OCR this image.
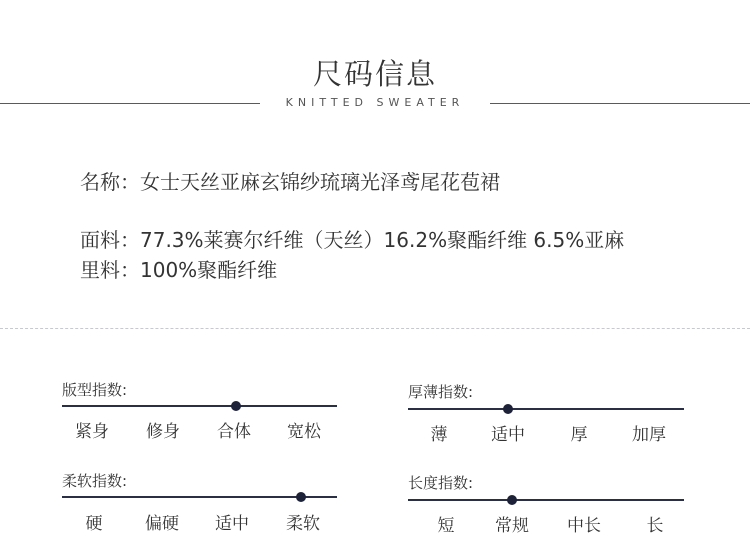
尺码信息
KNITTED SWEATER
名称：女士天丝亚麻玄锦纱琉璃光泽鸢尾花苞裙
面料：77.3%莱赛尔纤维（天丝）16.2%聚酯纤维 6.5%亚麻
里料：100%聚酯纤维
版型指数:
紧身	修身	合体	宽松
厚薄指数:
薄	适中	厚	加厚
柔软指数:
硬	偏硬	适中	柔软
长度指数:
短	常规	中长	长
